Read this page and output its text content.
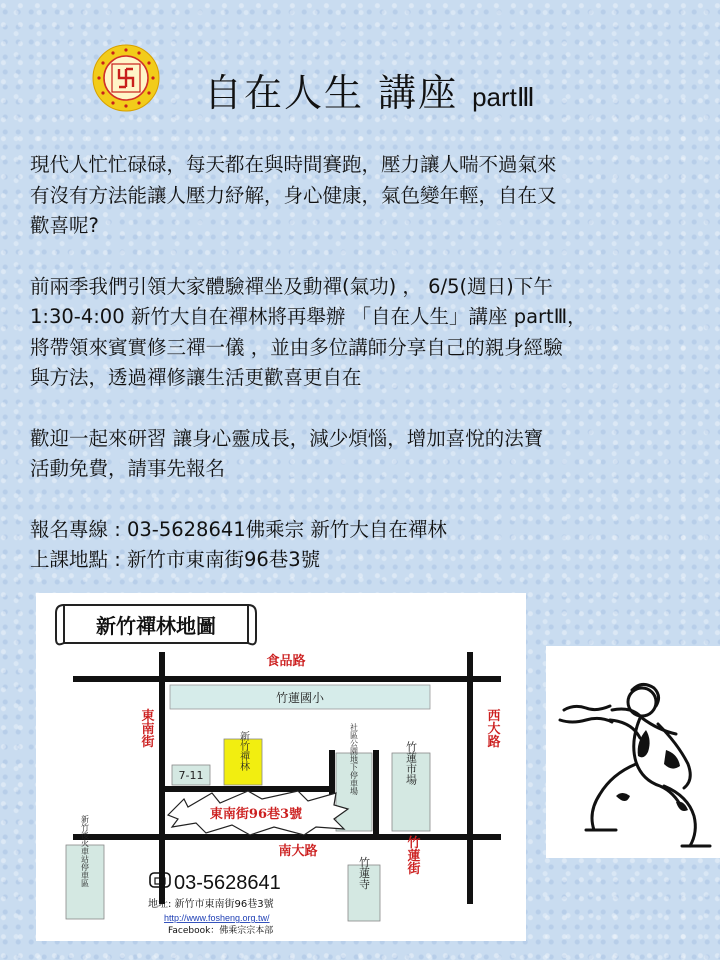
自在人生 講座 partⅢ

現代人忙忙碌碌，每天都在與時間賽跑，壓力讓人喘不過氣來
有沒有方法能讓人壓力紓解，身心健康，氣色變年輕，自在又
歡喜呢?

前兩季我們引領大家體驗禪坐及動禪(氣功) ， 6/5(週日)下午
1:30-4:00 新竹大自在禪林將再舉辦 「自在人生」講座 partⅢ，
將帶領來賓實修三禪一儀 ，並由多位講師分享自己的親身經驗
與方法，透過禪修讓生活更歡喜更自在

歡迎一起來研習 讓身心靈成長，減少煩惱，增加喜悅的法寶
活動免費，請事先報名

報名專線 : 03-5628641佛乘宗 新竹大自在禪林
上課地點 : 新竹市東南街96巷3號

新竹禪林地圖
食品路
南大路
東南街	西大路
竹蓮街
竹蓮國小
新竹禪林
7-11	社區公園地下停車場	竹蓮市場
新竹後火車站停車區	竹蓮寺
東南街96巷3號
03-5628641
地址: 新竹市東南街96巷3號
http://www.fosheng.org.tw/
Facebook：佛乘宗宗本部
